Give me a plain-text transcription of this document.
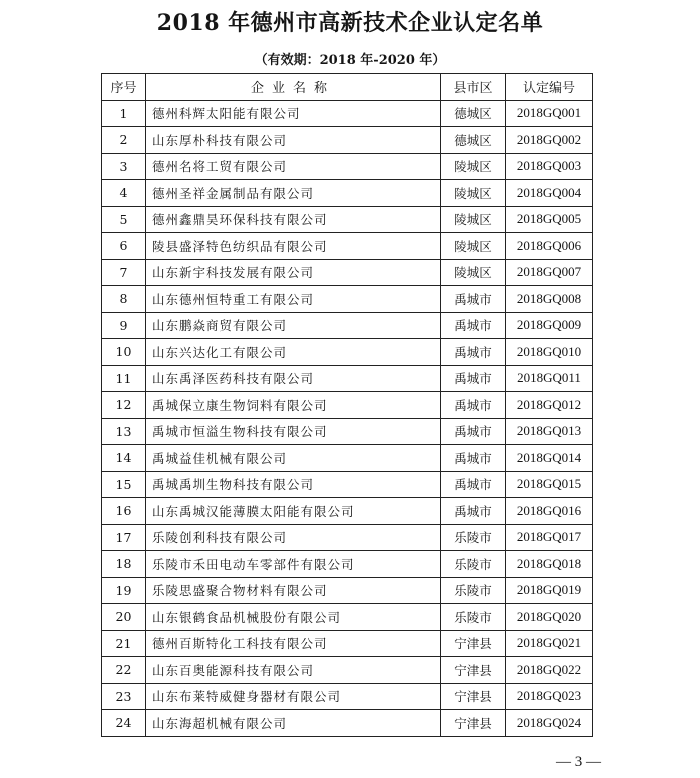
2018 年德州市高新技术企业认定名单
（有效期：2018 年-2020 年）
序号	企业名称	县市区	认定编号
1	德州科辉太阳能有限公司	德城区	2018GQ001
2	山东厚朴科技有限公司	德城区	2018GQ002
3	德州名将工贸有限公司	陵城区	2018GQ003
4	德州圣祥金属制品有限公司	陵城区	2018GQ004
5	德州鑫鼎昊环保科技有限公司	陵城区	2018GQ005
6	陵县盛泽特色纺织品有限公司	陵城区	2018GQ006
7	山东新宇科技发展有限公司	陵城区	2018GQ007
8	山东德州恒特重工有限公司	禹城市	2018GQ008
9	山东鹏焱商贸有限公司	禹城市	2018GQ009
10	山东兴达化工有限公司	禹城市	2018GQ010
11	山东禹泽医药科技有限公司	禹城市	2018GQ011
12	禹城保立康生物饲料有限公司	禹城市	2018GQ012
13	禹城市恒溢生物科技有限公司	禹城市	2018GQ013
14	禹城益佳机械有限公司	禹城市	2018GQ014
15	禹城禹圳生物科技有限公司	禹城市	2018GQ015
16	山东禹城汉能薄膜太阳能有限公司	禹城市	2018GQ016
17	乐陵创利科技有限公司	乐陵市	2018GQ017
18	乐陵市禾田电动车零部件有限公司	乐陵市	2018GQ018
19	乐陵思盛聚合物材料有限公司	乐陵市	2018GQ019
20	山东银鹤食品机械股份有限公司	乐陵市	2018GQ020
21	德州百斯特化工科技有限公司	宁津县	2018GQ021
22	山东百奥能源科技有限公司	宁津县	2018GQ022
23	山东布莱特威健身器材有限公司	宁津县	2018GQ023
24	山东海超机械有限公司	宁津县	2018GQ024
— 3 —
